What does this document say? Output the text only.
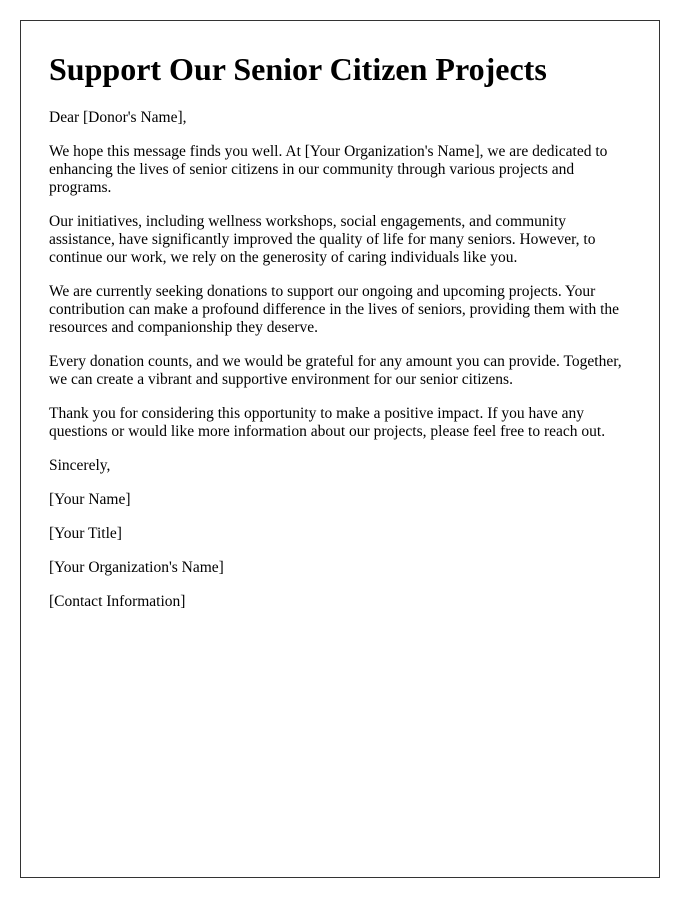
Support Our Senior Citizen Projects

Dear [Donor's Name],

We hope this message finds you well. At [Your Organization's Name], we are dedicated to enhancing the lives of senior citizens in our community through various projects and programs.

Our initiatives, including wellness workshops, social engagements, and community assistance, have significantly improved the quality of life for many seniors. However, to continue our work, we rely on the generosity of caring individuals like you.

We are currently seeking donations to support our ongoing and upcoming projects. Your contribution can make a profound difference in the lives of seniors, providing them with the resources and companionship they deserve.

Every donation counts, and we would be grateful for any amount you can provide. Together, we can create a vibrant and supportive environment for our senior citizens.

Thank you for considering this opportunity to make a positive impact. If you have any questions or would like more information about our projects, please feel free to reach out.

Sincerely,

[Your Name]

[Your Title]

[Your Organization's Name]

[Contact Information]
